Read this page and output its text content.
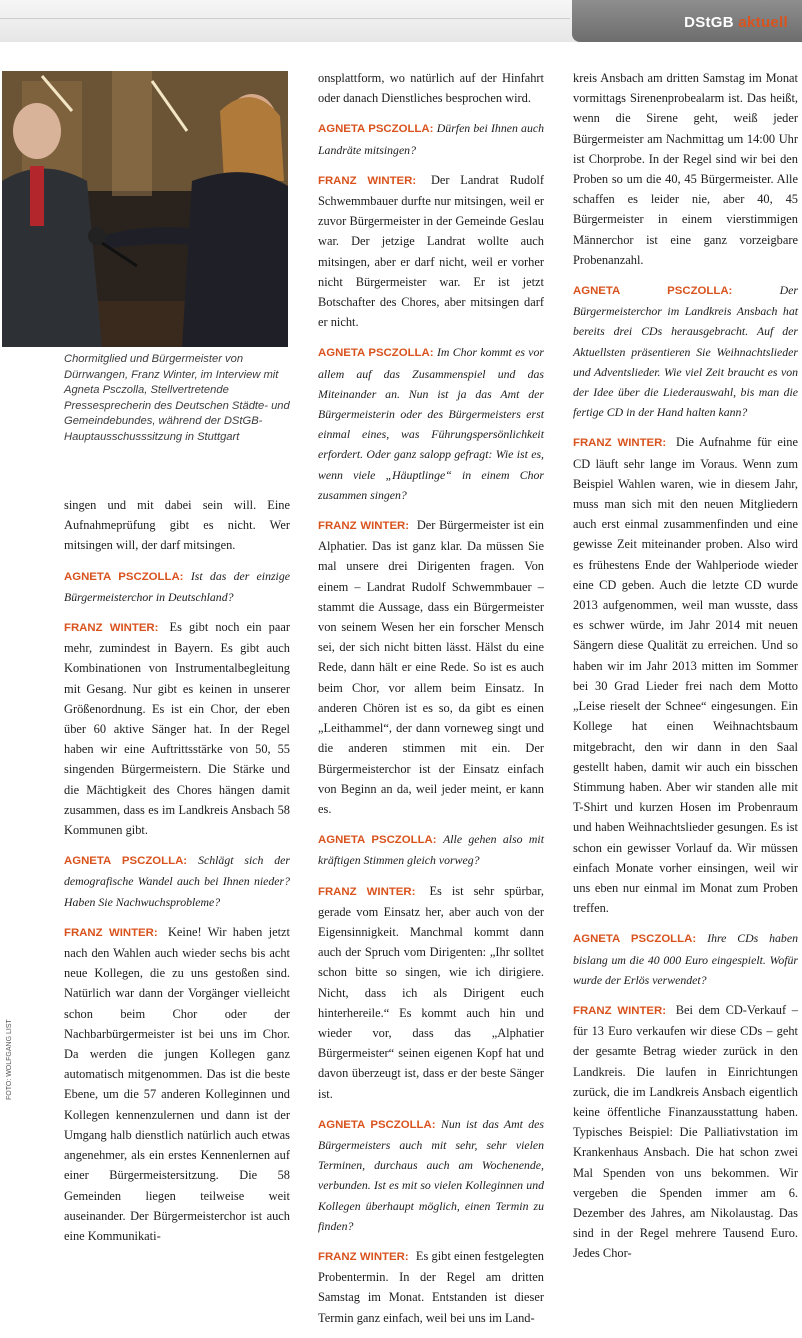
DStGB aktuell
Chormitglied und Bürgermeister von Dürrwangen, Franz Winter, im Interview mit Agneta Psczolla, Stellvertretende Pressesprecherin des Deutschen Städte- und Gemeindebundes, während der DStGB-Hauptausschusssitzung in Stuttgart
FOTO: WOLFGANG LIST

singen und mit dabei sein will. Eine Aufnahmeprüfung gibt es nicht. Wer mitsingen will, der darf mitsingen.

AGNETA PSCZOLLA: Ist das der einzige Bürgermeisterchor in Deutschland?

FRANZ WINTER: Es gibt noch ein paar mehr, zumindest in Bayern. Es gibt auch Kombinationen von Instrumentalbegleitung mit Gesang. Nur gibt es keinen in unserer Größenordnung. Es ist ein Chor, der eben über 60 aktive Sänger hat. In der Regel haben wir eine Auftrittsstärke von 50, 55 singenden Bürgermeistern. Die Stärke und die Mächtigkeit des Chores hängen damit zusammen, dass es im Landkreis Ansbach 58 Kommunen gibt.

AGNETA PSCZOLLA: Schlägt sich der demografische Wandel auch bei Ihnen nieder? Haben Sie Nachwuchsprobleme?

FRANZ WINTER: Keine! Wir haben jetzt nach den Wahlen auch wieder sechs bis acht neue Kollegen, die zu uns gestoßen sind. Natürlich war dann der Vorgänger vielleicht schon beim Chor oder der Nachbarbürgermeister ist bei uns im Chor. Da werden die jungen Kollegen ganz automatisch mitgenommen. Das ist die beste Ebene, um die 57 anderen Kolleginnen und Kollegen kennenzulernen und dann ist der Umgang halb dienstlich natürlich auch etwas angenehmer, als ein erstes Kennenlernen auf einer Bürgermeistersitzung. Die 58 Gemeinden liegen teilweise weit auseinander. Der Bürgermeisterchor ist auch eine Kommunikati-

onsplattform, wo natürlich auf der Hinfahrt oder danach Dienstliches besprochen wird.

AGNETA PSCZOLLA: Dürfen bei Ihnen auch Landräte mitsingen?

FRANZ WINTER: Der Landrat Rudolf Schwemmbauer durfte nur mitsingen, weil er zuvor Bürgermeister in der Gemeinde Geslau war. Der jetzige Landrat wollte auch mitsingen, aber er darf nicht, weil er vorher nicht Bürgermeister war. Er ist jetzt Botschafter des Chores, aber mitsingen darf er nicht.

AGNETA PSCZOLLA: Im Chor kommt es vor allem auf das Zusammenspiel und das Miteinander an. Nun ist ja das Amt der Bürgermeisterin oder des Bürgermeisters erst einmal eines, was Führungspersönlichkeit erfordert. Oder ganz salopp gefragt: Wie ist es, wenn viele „Häuptlinge“ in einem Chor zusammen singen?

FRANZ WINTER: Der Bürgermeister ist ein Alphatier. Das ist ganz klar. Da müssen Sie mal unsere drei Dirigenten fragen. Von einem – Landrat Rudolf Schwemmbauer – stammt die Aussage, dass ein Bürgermeister von seinem Wesen her ein forscher Mensch sei, der sich nicht bitten lässt. Hälst du eine Rede, dann hält er eine Rede. So ist es auch beim Chor, vor allem beim Einsatz. In anderen Chören ist es so, da gibt es einen „Leithammel“, der dann vorneweg singt und die anderen stimmen mit ein. Der Bürgermeisterchor ist der Einsatz einfach von Beginn an da, weil jeder meint, er kann es.

AGNETA PSCZOLLA: Alle gehen also mit kräftigen Stimmen gleich vorweg?

FRANZ WINTER: Es ist sehr spürbar, gerade vom Einsatz her, aber auch von der Eigensinnigkeit. Manchmal kommt dann auch der Spruch vom Dirigenten: „Ihr solltet schon bitte so singen, wie ich dirigiere. Nicht, dass ich als Dirigent euch hinterhereile.“ Es kommt auch hin und wieder vor, dass das „Alphatier Bürgermeister“ seinen eigenen Kopf hat und davon überzeugt ist, dass er der beste Sänger ist.

AGNETA PSCZOLLA: Nun ist das Amt des Bürgermeisters auch mit sehr, sehr vielen Terminen, durchaus auch am Wochenende, verbunden. Ist es mit so vielen Kolleginnen und Kollegen überhaupt möglich, einen Termin zu finden?

FRANZ WINTER: Es gibt einen festgelegten Probentermin. In der Regel am dritten Samstag im Monat. Entstanden ist dieser Termin ganz einfach, weil bei uns im Land-

kreis Ansbach am dritten Samstag im Monat vormittags Sirenenprobealarm ist. Das heißt, wenn die Sirene geht, weiß jeder Bürgermeister am Nachmittag um 14:00 Uhr ist Chorprobe. In der Regel sind wir bei den Proben so um die 40, 45 Bürgermeister. Alle schaffen es leider nie, aber 40, 45 Bürgermeister in einem vierstimmigen Männerchor ist eine ganz vorzeigbare Probenanzahl.

AGNETA PSCZOLLA:	Der Bürgermeisterchor im Landkreis Ansbach hat bereits drei CDs herausgebracht. Auf der Aktuellsten präsentieren Sie Weihnachtslieder und Adventslieder. Wie viel Zeit braucht es von der Idee über die Liederauswahl, bis man die fertige CD in der Hand halten kann?

FRANZ WINTER: Die Aufnahme für eine CD läuft sehr lange im Voraus. Wenn zum Beispiel Wahlen waren, wie in diesem Jahr, muss man sich mit den neuen Mitgliedern auch erst einmal zusammenfinden und eine gewisse Zeit miteinander proben. Also wird es frühestens Ende der Wahlperiode wieder eine CD geben. Auch die letzte CD wurde 2013 aufgenommen, weil man wusste, dass es schwer würde, im Jahr 2014 mit neuen Sängern diese Qualität zu erreichen. Und so haben wir im Jahr 2013 mitten im Sommer bei 30 Grad Lieder frei nach dem Motto „Leise rieselt der Schnee“ eingesungen. Ein Kollege hat einen Weihnachtsbaum mitgebracht, den wir dann in den Saal gestellt haben, damit wir auch ein bisschen Stimmung haben. Aber wir standen alle mit T-Shirt und kurzen Hosen im Probenraum und haben Weihnachtslieder gesungen. Es ist schon ein gewisser Vorlauf da. Wir müssen einfach Monate vorher einsingen, weil wir uns eben nur einmal im Monat zum Proben treffen.

AGNETA PSCZOLLA: Ihre CDs haben bislang um die 40 000 Euro eingespielt. Wofür wurde der Erlös verwendet?

FRANZ WINTER: Bei dem CD-Verkauf – für 13 Euro verkaufen wir diese CDs – geht der gesamte Betrag wieder zurück in den Landkreis. Die laufen in Einrichtungen zurück, die im Landkreis Ansbach eigentlich keine öffentliche Finanzausstattung haben. Typisches Beispiel: Die Palliativstation im Krankenhaus Ansbach. Die hat schon zwei Mal Spenden von uns bekommen. Wir vergeben die Spenden immer am 6. Dezember des Jahres, am Nikolaustag. Das sind in der Regel mehrere Tausend Euro. Jedes Chor-
